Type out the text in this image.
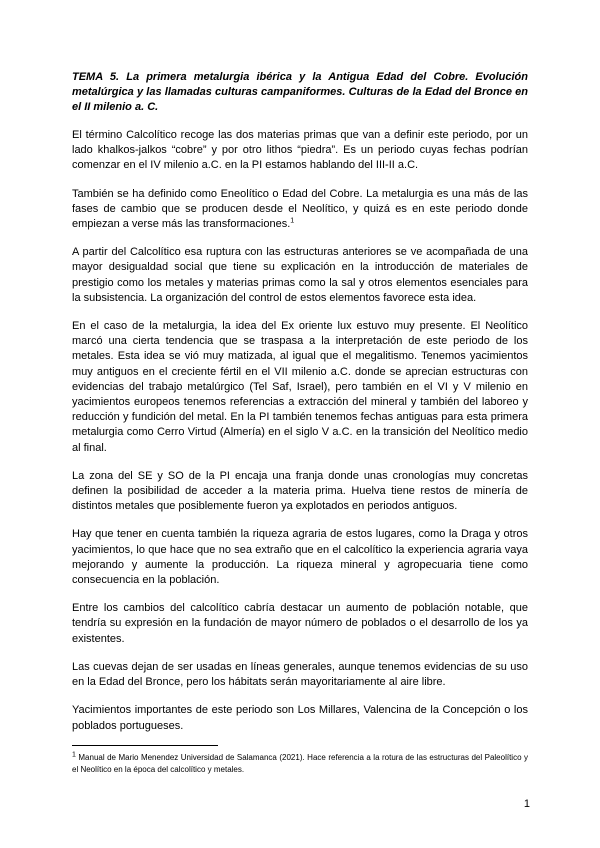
TEMA 5. La primera metalurgia ibérica y la Antigua Edad del Cobre. Evolución metalúrgica y las llamadas culturas campaniformes. Culturas de la Edad del Bronce en el II milenio a. C.

El término Calcolítico recoge las dos materias primas que van a definir este periodo, por un lado khalkos-jalkos “cobre” y por otro lithos “piedra”. Es un periodo cuyas fechas podrían comenzar en el IV milenio a.C. en la PI estamos hablando del III-II a.C.

También se ha definido como Eneolítico o Edad del Cobre. La metalurgia es una más de las fases de cambio que se producen desde el Neolítico, y quizá es en este periodo donde empiezan a verse más las transformaciones.$^1$

A partir del Calcolítico esa ruptura con las estructuras anteriores se ve acompañada de una mayor desigualdad social que tiene su explicación en la introducción de materiales de prestigio como los metales y materias primas como la sal y otros elementos esenciales para la subsistencia. La organización del control de estos elementos favorece esta idea.

En el caso de la metalurgia, la idea del Ex oriente lux estuvo muy presente. El Neolítico marcó una cierta tendencia que se traspasa a la interpretación de este periodo de los metales. Esta idea se vió muy matizada, al igual que el megalitismo. Tenemos yacimientos muy antiguos en el creciente fértil en el VII milenio a.C. donde se aprecian estructuras con evidencias del trabajo metalúrgico (Tel Saf, Israel), pero también en el VI y V milenio en yacimientos europeos tenemos referencias a extracción del mineral y también del laboreo y reducción y fundición del metal. En la PI también tenemos fechas antiguas para esta primera metalurgia como Cerro Virtud (Almería) en el siglo V a.C. en la transición del Neolítico medio al final.

La zona del SE y SO de la PI encaja una franja donde unas cronologías muy concretas definen la posibilidad de acceder a la materia prima. Huelva tiene restos de minería de distintos metales que posiblemente fueron ya explotados en periodos antiguos.

Hay que tener en cuenta también la riqueza agraria de estos lugares, como la Draga y otros yacimientos, lo que hace que no sea extraño que en el calcolítico la experiencia agraria vaya mejorando y aumente la producción. La riqueza mineral y agropecuaria tiene como consecuencia en la población.

Entre los cambios del calcolítico cabría destacar un aumento de población notable, que tendría su expresión en la fundación de mayor número de poblados o el desarrollo de los ya existentes.

Las cuevas dejan de ser usadas en líneas generales, aunque tenemos evidencias de su uso en la Edad del Bronce, pero los hábitats serán mayoritariamente al aire libre.

Yacimientos importantes de este periodo son Los Millares, Valencina de la Concepción o los poblados portugueses.

$^1$ Manual de Mario Menendez Universidad de Salamanca (2021). Hace referencia a la rotura de las estructuras del Paleolítico y el Neolítico en la época del calcolítico y metales.

1
